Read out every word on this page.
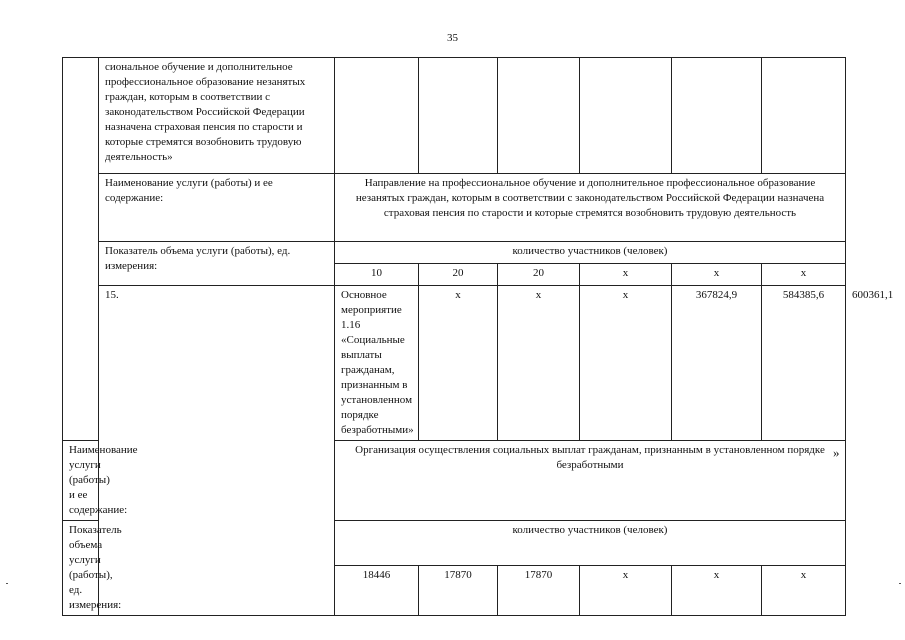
35
	сиональное обучение и дополнительное профессиональное образование незанятых граждан, которым в соответствии с законодательством Российской Федерации назначена страховая пенсия по старости и которые стремятся возобновить трудовую деятельность»							
	Наименование услуги (работы) и ее содержание:	Направление на профессиональное обучение и дополнительное профессиональное образование незанятых граждан, которым в соответствии с законодательством Российской Федерации назначена страховая пенсия по старости и которые стремятся возобновить трудовую деятельность						
	Показатель объема услуги (работы), ед. измерения:	количество участников (человек)						
		10	20	20	x	x	x	
	15.	Основное мероприятие 1.16 «Социальные выплаты гражданам, признанным в установленном порядке безработными»	x	x	x	367824,9	584385,6	600361,1
Наименование услуги (работы) и ее содержание:		Организация осуществления социальных выплат гражданам, признанным в установленном порядке безработными						
Показатель объема услуги (работы), ед. измерения:		количество участников (человек)						
		18446	17870	17870	x	x	x	
»
